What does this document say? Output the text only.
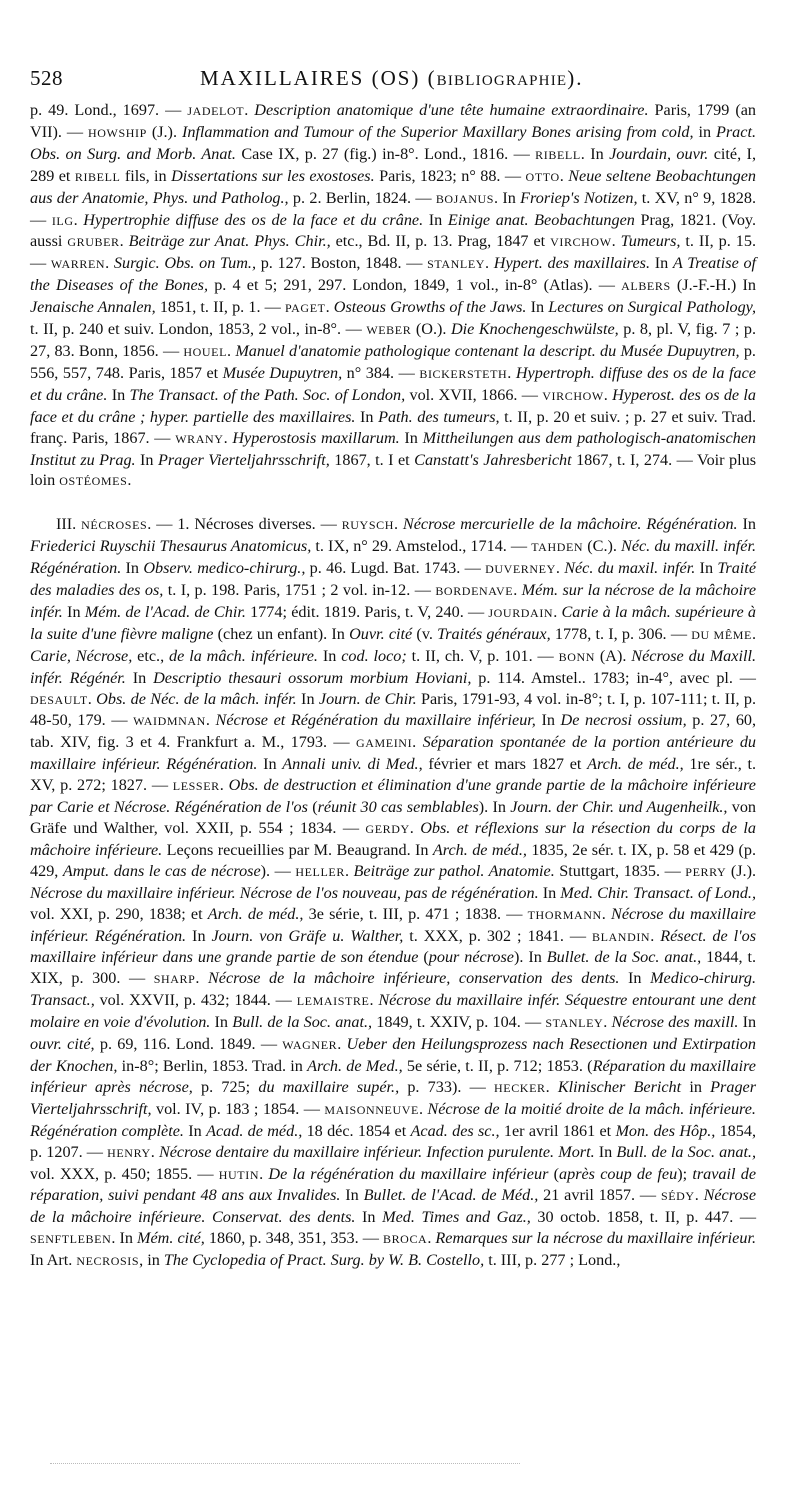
528	MAXILLAIRES (OS) (BIBLIOGRAPHIE).

p. 49. Lond., 1697. — JADELOT. Description anatomique d'une tête humaine extraordinaire. Paris, 1799 (an VII). — HOWSHIP (J.). Inflammation and Tumour of the Superior Maxillary Bones arising from cold, in Pract. Obs. on Surg. and Morb. Anat. Case IX, p. 27 (fig.) in-8°. Lond., 1816. — RIBELL. In Jourdain, ouvr. cité, I, 289 et RIBELL fils, in Dissertations sur les exostoses. Paris, 1823; n° 88. — OTTO. Neue seltene Beobachtungen aus der Anatomie, Phys. und Patholog., p. 2. Berlin, 1824. — BOJANUS. In Froriep's Notizen, t. XV, n° 9, 1828. — ILG. Hypertrophie diffuse des os de la face et du crâne. In Einige anat. Beobachtungen Prag, 1821. (Voy. aussi GRUBER. Beiträge zur Anat. Phys. Chir., etc., Bd. II, p. 13. Prag, 1847 et VIRCHOW. Tumeurs, t. II, p. 15. — WARREN. Surgic. Obs. on Tum., p. 127. Boston, 1848. — STANLEY. Hypert. des maxillaires. In A Treatise of the Diseases of the Bones, p. 4 et 5; 291, 297. London, 1849, 1 vol., in-8° (Atlas). — ALBERS (J.-F.-H.) In Jenaische Annalen, 1851, t. II, p. 1. — PAGET. Osteous Growths of the Jaws. In Lectures on Surgical Pathology, t. II, p. 240 et suiv. London, 1853, 2 vol., in-8°. — WEBER (O.). Die Knochengeschwülste, p. 8, pl. V, fig. 7 ; p. 27, 83. Bonn, 1856. — HOUEL. Manuel d'anatomie pathologique contenant la descript. du Musée Dupuytren, p. 556, 557, 748. Paris, 1857 et Musée Dupuytren, n° 384. — BICKERSTETH. Hypertroph. diffuse des os de la face et du crâne. In The Transact. of the Path. Soc. of London, vol. XVII, 1866. — VIRCHOW. Hyperost. des os de la face et du crâne ; hyper. partielle des maxillaires. In Path. des tumeurs, t. II, p. 20 et suiv. ; p. 27 et suiv. Trad. franç. Paris, 1867. — WRANY. Hyperostosis maxillarum. In Mittheilungen aus dem pathologisch-anatomischen Institut zu Prag. In Prager Vierteljahrsschrift, 1867, t. I et Canstatt's Jahresbericht 1867, t. I, 274. — Voir plus loin OSTÉOMES.

III. NÉCROSES. — 1. Nécroses diverses. — RUYSCH. Nécrose mercurielle de la mâchoire. Régénération. In Friederici Ruyschii Thesaurus Anatomicus, t. IX, n° 29. Amstelod., 1714. — TAHDEN (C.). Néc. du maxill. infér. Régénération. In Observ. medico-chirurg., p. 46. Lugd. Bat. 1743. — DUVERNEY. Néc. du maxil. infér. In Traité des maladies des os, t. I, p. 198. Paris, 1751 ; 2 vol. in-12. — BORDENAVE. Mém. sur la nécrose de la mâchoire infér. In Mém. de l'Acad. de Chir. 1774; édit. 1819. Paris, t. V, 240. — JOURDAIN. Carie à la mâch. supérieure à la suite d'une fièvre maligne (chez un enfant). In Ouvr. cité (v. Traités généraux, 1778, t. I, p. 306. — DU MÊME. Carie, Nécrose, etc., de la mâch. inférieure. In cod. loco; t. II, ch. V, p. 101. — BONN (A). Nécrose du Maxill. infér. Régénér. In Descriptio thesauri ossorum morbium Hoviani, p. 114. Amstel.. 1783; in-4°, avec pl. — DESAULT. Obs. de Néc. de la mâch. infér. In Journ. de Chir. Paris, 1791-93, 4 vol. in-8°; t. I, p. 107-111; t. II, p. 48-50, 179. — WAIDMNAN. Nécrose et Régénération du maxillaire inférieur, In De necrosi ossium, p. 27, 60, tab. XIV, fig. 3 et 4. Frankfurt a. M., 1793. — GAMEINI. Séparation spontanée de la portion antérieure du maxillaire inférieur. Régénération. In Annali univ. di Med., février et mars 1827 et Arch. de méd., 1re sér., t. XV, p. 272; 1827. — LESSER. Obs. de destruction et élimination d'une grande partie de la mâchoire inférieure par Carie et Nécrose. Régénération de l'os (réunit 30 cas semblables). In Journ. der Chir. und Augenheilk., von Gräfe und Walther, vol. XXII, p. 554 ; 1834. — GERDY. Obs. et réflexions sur la résection du corps de la mâchoire inférieure. Leçons recueillies par M. Beaugrand. In Arch. de méd., 1835, 2e sér. t. IX, p. 58 et 429 (p. 429, Amput. dans le cas de nécrose). — HELLER. Beiträge zur pathol. Anatomie. Stuttgart, 1835. — PERRY (J.). Nécrose du maxillaire inférieur. Nécrose de l'os nouveau, pas de régénération. In Med. Chir. Transact. of Lond., vol. XXI, p. 290, 1838; et Arch. de méd., 3e série, t. III, p. 471 ; 1838. — THORMANN. Nécrose du maxillaire inférieur. Régénération. In Journ. von Gräfe u. Walther, t. XXX, p. 302 ; 1841. — BLANDIN. Résect. de l'os maxillaire inférieur dans une grande partie de son étendue (pour nécrose). In Bullet. de la Soc. anat., 1844, t. XIX, p. 300. — SHARP. Nécrose de la mâchoire inférieure, conservation des dents. In Medico-chirurg. Transact., vol. XXVII, p. 432; 1844. — LEMAISTRE. Nécrose du maxillaire infér. Séquestre entourant une dent molaire en voie d'évolution. In Bull. de la Soc. anat., 1849, t. XXIV, p. 104. — STANLEY. Nécrose des maxill. In ouvr. cité, p. 69, 116. Lond. 1849. — WAGNER. Ueber den Heilungsprozess nach Resectionen und Extirpation der Knochen, in-8°; Berlin, 1853. Trad. in Arch. de Med., 5e série, t. II, p. 712; 1853. (Réparation du maxillaire inférieur après nécrose, p. 725; du maxillaire supér., p. 733). — HECKER. Klinischer Bericht in Prager Vierteljahrsschrift, vol. IV, p. 183 ; 1854. — MAISONNEUVE. Nécrose de la moitié droite de la mâch. inférieure. Régénération complète. In Acad. de méd., 18 déc. 1854 et Acad. des sc., 1er avril 1861 et Mon. des Hôp., 1854, p. 1207. — HENRY. Nécrose dentaire du maxillaire inférieur. Infection purulente. Mort. In Bull. de la Soc. anat., vol. XXX, p. 450; 1855. — HUTIN. De la régénération du maxillaire inférieur (après coup de feu); travail de réparation, suivi pendant 48 ans aux Invalides. In Bullet. de l'Acad. de Méd., 21 avril 1857. — SÉDY. Nécrose de la mâchoire inférieure. Conservat. des dents. In Med. Times and Gaz., 30 octob. 1858, t. II, p. 447. — SENFTLEBEN. In Mém. cité, 1860, p. 348, 351, 353. — BROCA. Remarques sur la nécrose du maxillaire inférieur. In Art. NECROSIS, in The Cyclopedia of Pract. Surg. by W. B. Costello, t. III, p. 277 ; Lond.,
